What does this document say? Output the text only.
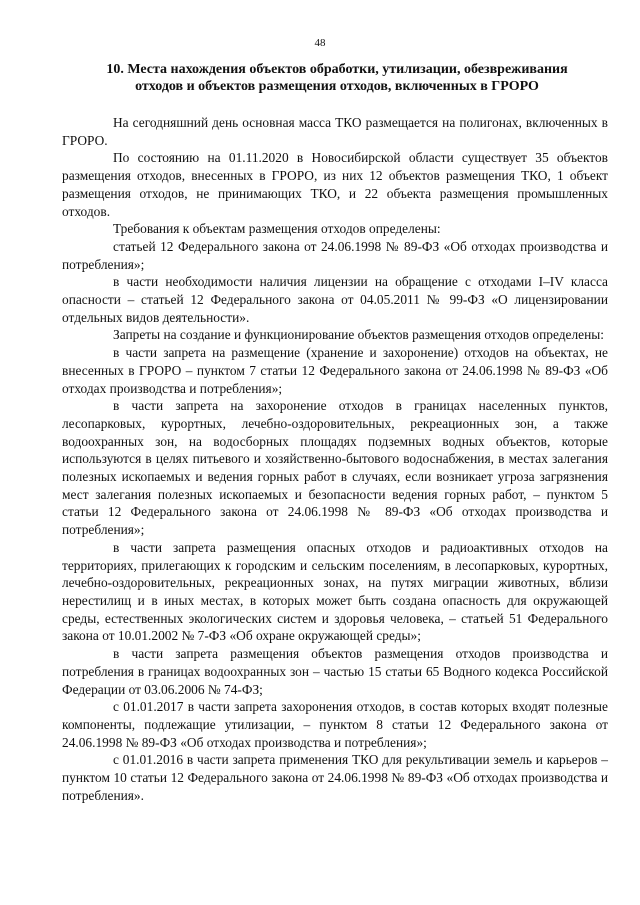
48
10. Места нахождения объектов обработки, утилизации, обезвреживания отходов и объектов размещения отходов, включенных в ГРОРО

На сегодняшний день основная масса ТКО размещается на полигонах, включенных в ГРОРО.

По состоянию на 01.11.2020 в Новосибирской области существует 35 объектов размещения отходов, внесенных в ГРОРО, из них 12 объектов размещения ТКО, 1 объект размещения отходов, не принимающих ТКО, и 22 объекта размещения промышленных отходов.

Требования к объектам размещения отходов определены:

статьей 12 Федерального закона от 24.06.1998 № 89-ФЗ «Об отходах производства и потребления»;

в части необходимости наличия лицензии на обращение с отходами I–IV класса опасности – статьей 12 Федерального закона от 04.05.2011 № 99-ФЗ «О лицензировании отдельных видов деятельности».

Запреты на создание и функционирование объектов размещения отходов определены:

в части запрета на размещение (хранение и захоронение) отходов на объектах, не внесенных в ГРОРО – пунктом 7 статьи 12 Федерального закона от 24.06.1998 № 89-ФЗ «Об отходах производства и потребления»;

в части запрета на захоронение отходов в границах населенных пунктов, лесопарковых, курортных, лечебно-оздоровительных, рекреационных зон, а также водоохранных зон, на водосборных площадях подземных водных объектов, которые используются в целях питьевого и хозяйственно-бытового водоснабжения, в местах залегания полезных ископаемых и ведения горных работ в случаях, если возникает угроза загрязнения мест залегания полезных ископаемых и безопасности ведения горных работ, – пунктом 5 статьи 12 Федерального закона от 24.06.1998 № 89-ФЗ «Об отходах производства и потребления»;

в части запрета размещения опасных отходов и радиоактивных отходов на территориях, прилегающих к городским и сельским поселениям, в лесопарковых, курортных, лечебно-оздоровительных, рекреационных зонах, на путях миграции животных, вблизи нерестилищ и в иных местах, в которых может быть создана опасность для окружающей среды, естественных экологических систем и здоровья человека, – статьей 51 Федерального закона от 10.01.2002 № 7-ФЗ «Об охране окружающей среды»;

в части запрета размещения объектов размещения отходов производства и потребления в границах водоохранных зон – частью 15 статьи 65 Водного кодекса Российской Федерации от 03.06.2006 № 74-ФЗ;

с 01.01.2017 в части запрета захоронения отходов, в состав которых входят полезные компоненты, подлежащие утилизации, – пунктом 8 статьи 12 Федерального закона от 24.06.1998 № 89-ФЗ «Об отходах производства и потребления»;

с 01.01.2016 в части запрета применения ТКО для рекультивации земель и карьеров – пунктом 10 статьи 12 Федерального закона от 24.06.1998 № 89-ФЗ «Об отходах производства и потребления».
